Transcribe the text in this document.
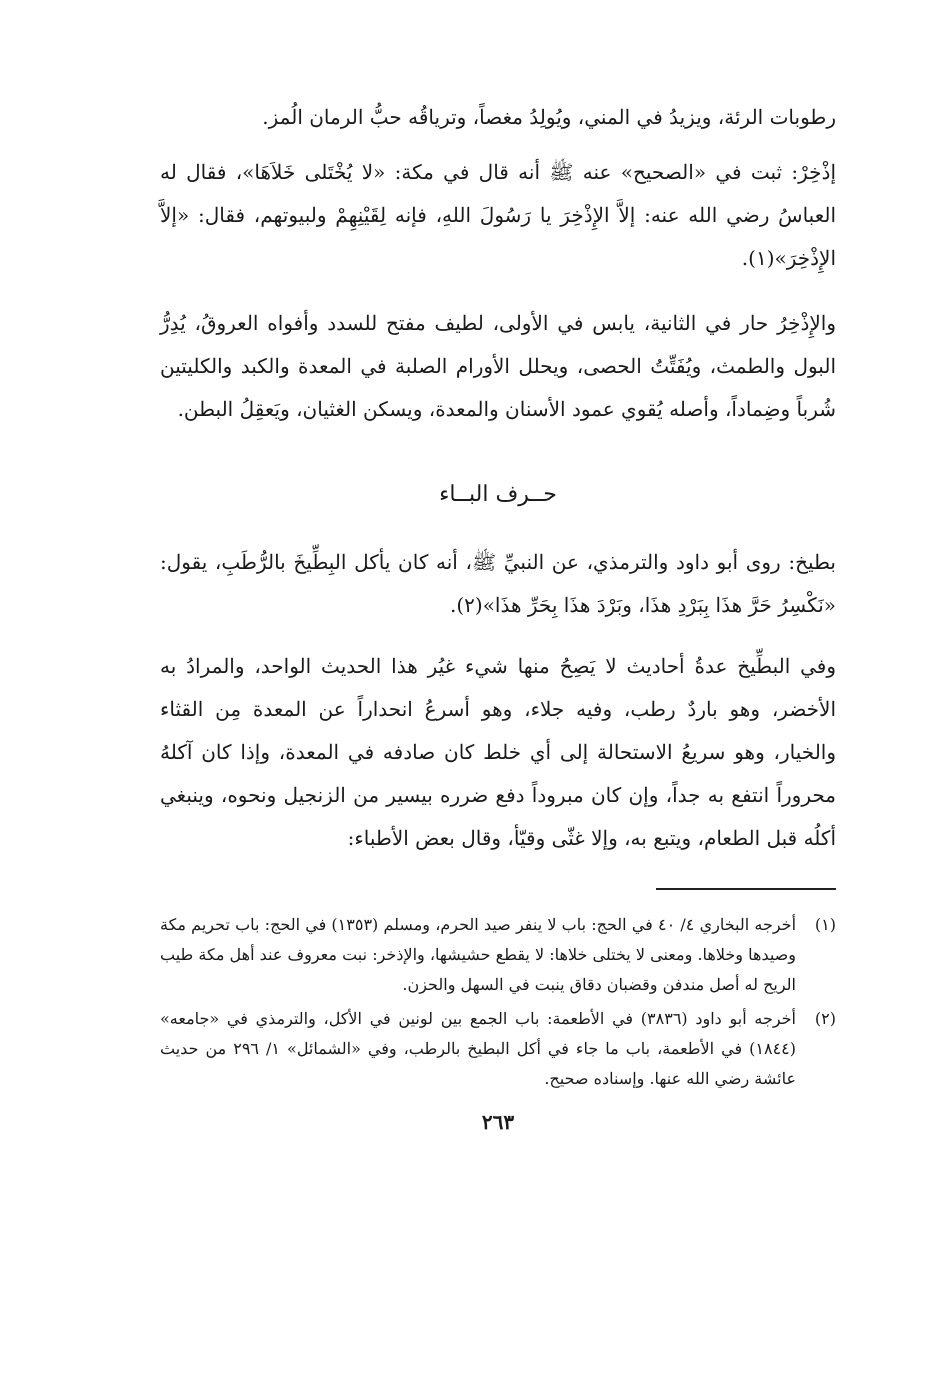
رطوبات الرئة، ويزيدُ في المني، ويُولِدُ مغصاً، وترياقُه حبُّ الرمان الُمز.

إذْخِرْ: ثبت في «الصحيح» عنه ﷺ أنه قال في مكة: «لا يُخْتَلى خَلاَهَا»، فقال له العباسُ رضي الله عنه: إلاَّ الإِذْخِرَ يا رَسُولَ اللهِ، فإنه لِقَيْنِهِمْ ولبيوتهم، فقال: «إلاَّ الإِذْخِرَ»(١).

والإِذْخِرُ حار في الثانية، يابس في الأولى، لطيف مفتح للسدد وأفواه العروقُ، يُدِرُّ البول والطمث، ويُفَتِّتُ الحصى، ويحلل الأورام الصلبة في المعدة والكبد والكليتين شُرباً وضِماداً، وأصله يُقوي عمود الأسنان والمعدة، ويسكن الغثيان، ويَعقِلُ البطن.

حــرف البــاء

بطيخ: روى أبو داود والترمذي، عن النبيِّ ﷺ، أنه كان يأكل البِطِّيخَ بالرُّطَبِ، يقول: «نَكْسِرُ حَرَّ هذَا بِبَرْدِ هذَا، وبَرْدَ هذَا بِحَرِّ هذَا»(٢).

وفي البطِّيخ عدةُ أحاديث لا يَصِحُ منها شيء غيُر هذا الحديث الواحد، والمرادُ به الأخضر، وهو باردٌ رطب، وفيه جلاء، وهو أسرعُ انحداراً عن المعدة مِن القثاء والخيار، وهو سريعُ الاستحالة إلى أي خلط كان صادفه في المعدة، وإذا كان آكلهُ محروراً انتفع به جداً، وإن كان مبروداً دفع ضرره بيسير من الزنجيل ونحوه، وينبغي أكلُه قبل الطعام، ويتبع به، وإلا غثّى وقيّأ، وقال بعض الأطباء:

(١)
أخرجه البخاري ٤/ ٤٠ في الحج: باب لا ينفر صيد الحرم، ومسلم (١٣٥٣) في الحج: باب تحريم مكة وصيدها وخلاها. ومعنى لا يختلى خلاها: لا يقطع حشيشها، والإذخر: نبت معروف عند أهل مكة طيب الريح له أصل مندفن وقضبان دقاق ينبت في السهل والحزن.
(٢)
أخرجه أبو داود (٣٨٣٦) في الأطعمة: باب الجمع بين لونين في الأكل، والترمذي في «جامعه» (١٨٤٤) في الأطعمة، باب ما جاء في أكل البطيخ بالرطب، وفي «الشمائل» ١/ ٢٩٦ من حديث عائشة رضي الله عنها. وإسناده صحيح.
٢٦٣
